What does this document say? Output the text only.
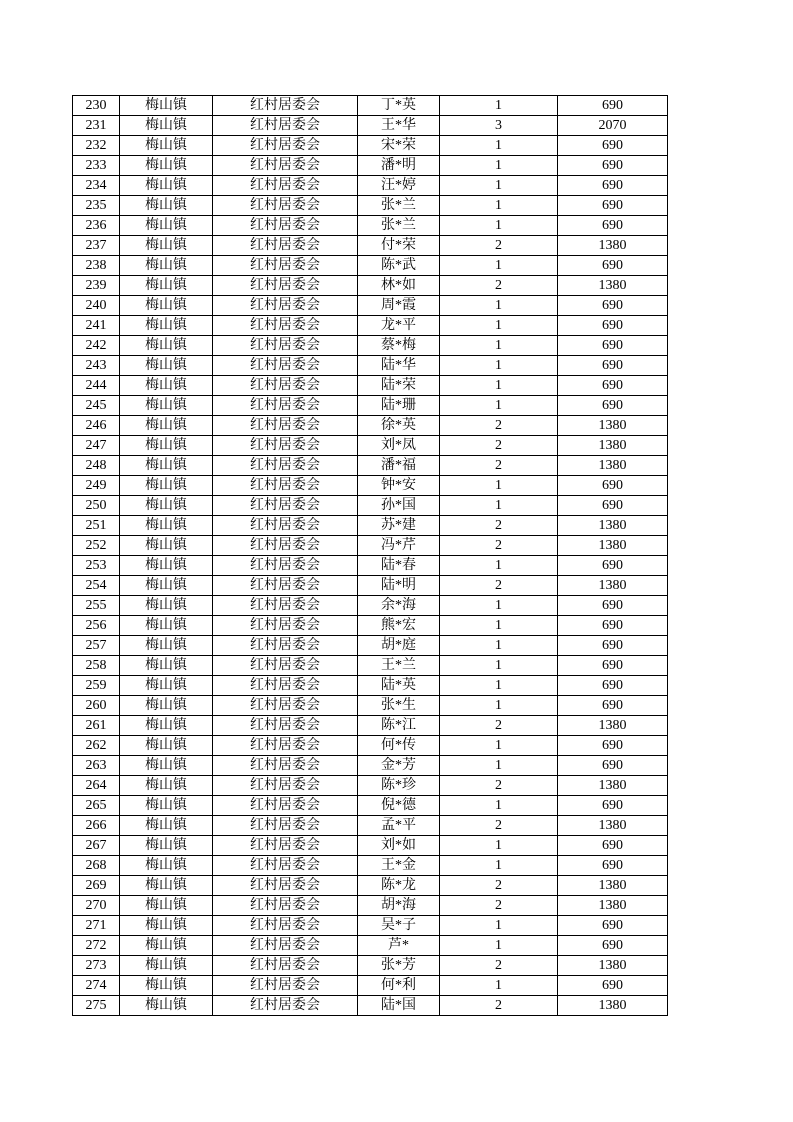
230	梅山镇	红村居委会	丁*英	1	690
231	梅山镇	红村居委会	王*华	3	2070
232	梅山镇	红村居委会	宋*荣	1	690
233	梅山镇	红村居委会	潘*明	1	690
234	梅山镇	红村居委会	汪*婷	1	690
235	梅山镇	红村居委会	张*兰	1	690
236	梅山镇	红村居委会	张*兰	1	690
237	梅山镇	红村居委会	付*荣	2	1380
238	梅山镇	红村居委会	陈*武	1	690
239	梅山镇	红村居委会	林*如	2	1380
240	梅山镇	红村居委会	周*霞	1	690
241	梅山镇	红村居委会	龙*平	1	690
242	梅山镇	红村居委会	蔡*梅	1	690
243	梅山镇	红村居委会	陆*华	1	690
244	梅山镇	红村居委会	陆*荣	1	690
245	梅山镇	红村居委会	陆*珊	1	690
246	梅山镇	红村居委会	徐*英	2	1380
247	梅山镇	红村居委会	刘*凤	2	1380
248	梅山镇	红村居委会	潘*福	2	1380
249	梅山镇	红村居委会	钟*安	1	690
250	梅山镇	红村居委会	孙*国	1	690
251	梅山镇	红村居委会	苏*建	2	1380
252	梅山镇	红村居委会	冯*芹	2	1380
253	梅山镇	红村居委会	陆*春	1	690
254	梅山镇	红村居委会	陆*明	2	1380
255	梅山镇	红村居委会	余*海	1	690
256	梅山镇	红村居委会	熊*宏	1	690
257	梅山镇	红村居委会	胡*庭	1	690
258	梅山镇	红村居委会	王*兰	1	690
259	梅山镇	红村居委会	陆*英	1	690
260	梅山镇	红村居委会	张*生	1	690
261	梅山镇	红村居委会	陈*江	2	1380
262	梅山镇	红村居委会	何*传	1	690
263	梅山镇	红村居委会	金*芳	1	690
264	梅山镇	红村居委会	陈*珍	2	1380
265	梅山镇	红村居委会	倪*德	1	690
266	梅山镇	红村居委会	孟*平	2	1380
267	梅山镇	红村居委会	刘*如	1	690
268	梅山镇	红村居委会	王*金	1	690
269	梅山镇	红村居委会	陈*龙	2	1380
270	梅山镇	红村居委会	胡*海	2	1380
271	梅山镇	红村居委会	吴*子	1	690
272	梅山镇	红村居委会	芦*	1	690
273	梅山镇	红村居委会	张*芳	2	1380
274	梅山镇	红村居委会	何*利	1	690
275	梅山镇	红村居委会	陆*国	2	1380
